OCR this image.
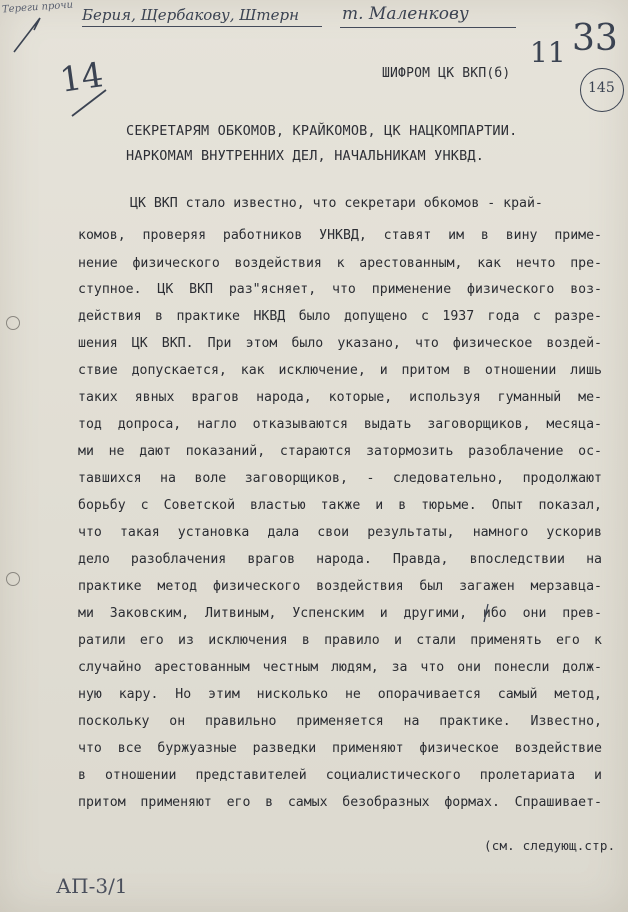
Тереги прочи Берия, Щербакову, Штерн	т. Маленкову
14
11 33
145
ШИФРОМ ЦК ВКП(б)
СЕКРЕТАРЯМ ОБКОМОВ, КРАЙКОМОВ, ЦК НАЦКОМПАРТИИ.
НАРКОМАМ ВНУТРЕННИХ ДЕЛ, НАЧАЛЬНИКАМ УНКВД.
ЦК ВКП стало известно, что секретари обкомов - край-
комов, проверяя работников УНКВД, ставят им в вину приме-
нение физического воздействия к арестованным, как нечто пре-
ступное. ЦК ВКП раз"ясняет, что применение физического воз-
действия в практике НКВД было допущено с 1937 года с разре-
шения ЦК ВКП. При этом было указано, что физическое воздей-
ствие допускается, как исключение, и притом в отношении лишь
таких явных врагов народа, которые, используя гуманный ме-
тод допроса, нагло отказываются выдать заговорщиков, месяца-
ми не дают показаний, стараются затормозить разоблачение ос-
тавшихся на воле заговорщиков, - следовательно, продолжают
борьбу с Советской властью также и в тюрьме. Опыт показал,
что такая установка дала свои результаты, намного ускорив
дело разоблачения врагов народа. Правда, впоследствии на
практике метод физического воздействия был загажен мерзавца-
ми Заковским, Литвиным, Успенским и другими, ибо они прев-
ратили его из исключения в правило и стали применять его к
случайно арестованным честным людям, за что они понесли долж-
ную кару. Но этим нисколько не опорачивается самый метод,
поскольку он правильно применяется на практике. Известно,
что все буржуазные разведки применяют физическое воздействие
в отношении представителей социалистического пролетариата и
притом применяют его в самых безобразных формах. Спрашивает-
(см. следующ.стр.
АП-3/1
